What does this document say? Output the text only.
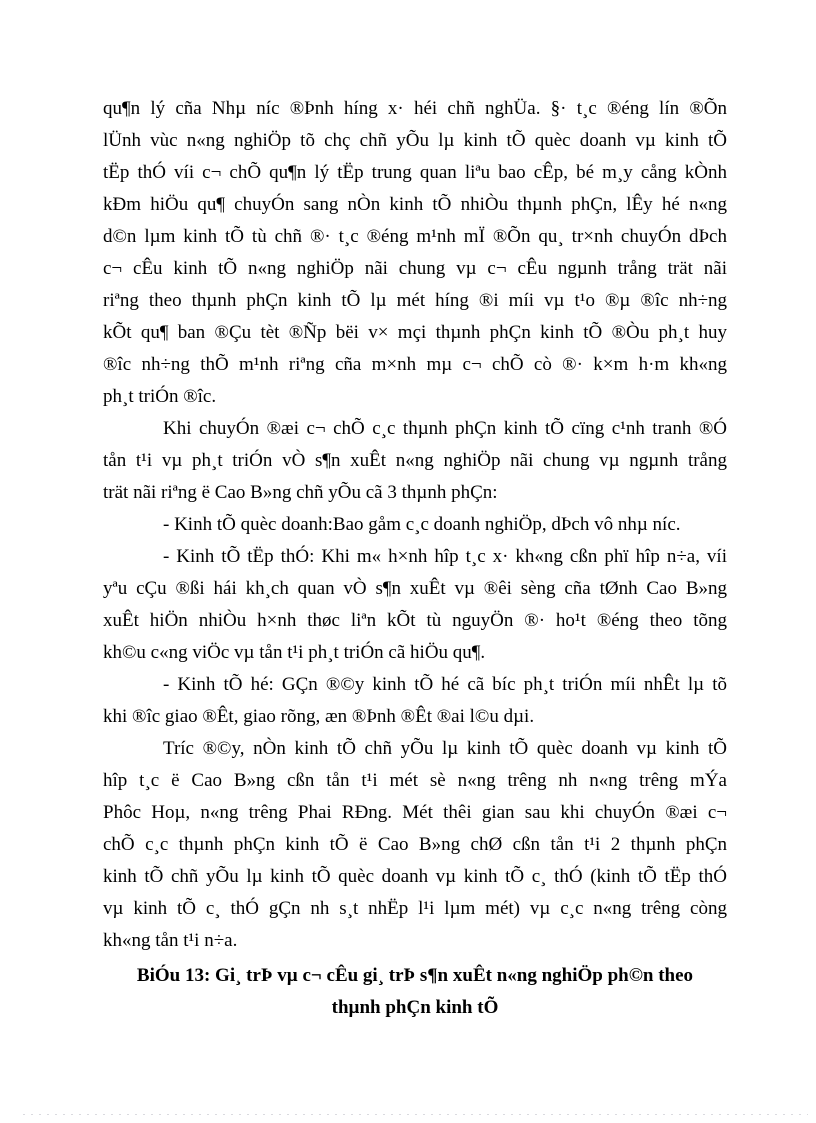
qu¶n lý cña Nhµ níc ®Þnh híng x· héi chñ nghÜa. §· t¸c ®éng lín ®Õn
lÜnh vùc n«ng nghiÖp tõ chç chñ yÕu lµ kinh tÕ quèc doanh vµ kinh tÕ
tËp thÓ víi c¬ chÕ qu¶n lý tËp trung quan liªu bao cÊp, bé m¸y cång kÒnh
kÐm hiÖu qu¶ chuyÓn sang nÒn kinh tÕ nhiÒu thµnh phÇn, lÊy hé n«ng
d©n lµm kinh tÕ tù chñ ®· t¸c ®éng m¹nh mÏ ®Õn qu¸ tr×nh chuyÓn dÞch
c¬ cÊu kinh tÕ n«ng nghiÖp nãi chung vµ c¬ cÊu ngµnh trång trät nãi
riªng theo thµnh phÇn kinh tÕ lµ mét híng ®i míi vµ t¹o ®µ ®îc nh÷ng
kÕt qu¶ ban ®Çu tèt ®Ñp bëi v× mçi thµnh phÇn kinh tÕ ®Òu ph¸t huy
®îc nh÷ng thÕ m¹nh riªng cña m×nh mµ c¬ chÕ cò ®· k×m h·m kh«ng
ph¸t triÓn ®îc.
Khi chuyÓn ®æi c¬ chÕ c¸c thµnh phÇn kinh tÕ cïng c¹nh tranh ®Ó
tån t¹i vµ ph¸t triÓn vÒ s¶n xuÊt n«ng nghiÖp nãi chung vµ ngµnh trång
trät nãi riªng ë Cao B»ng chñ yÕu cã 3 thµnh phÇn:
- Kinh tÕ quèc doanh:Bao gåm c¸c doanh nghiÖp, dÞch vô nhµ níc.
- Kinh tÕ tËp thÓ: Khi m« h×nh hîp t¸c x· kh«ng cßn phï hîp n÷a, víi
yªu cÇu ®ßi hái kh¸ch quan vÒ s¶n xuÊt vµ ®êi sèng cña tØnh Cao B»ng
xuÊt hiÖn nhiÒu h×nh thøc liªn kÕt tù nguyÖn ®· ho¹t ®éng theo tõng
kh©u c«ng viÖc vµ tån t¹i ph¸t triÓn cã hiÖu qu¶.
- Kinh tÕ hé: GÇn ®©y kinh tÕ hé cã bíc ph¸t triÓn míi nhÊt lµ tõ
khi ®îc giao ®Êt, giao rõng, æn ®Þnh ®Êt ®ai l©u dµi.
Tríc ®©y, nÒn kinh tÕ chñ yÕu lµ kinh tÕ quèc doanh vµ kinh tÕ
hîp t¸c ë Cao B»ng cßn tån t¹i mét sè n«ng trêng nh n«ng trêng mÝa
Phôc Hoµ, n«ng trêng Phai RÐng. Mét thêi gian sau khi chuyÓn ®æi c¬
chÕ c¸c thµnh phÇn kinh tÕ ë Cao B»ng chØ cßn tån t¹i 2 thµnh phÇn
kinh tÕ chñ yÕu lµ kinh tÕ quèc doanh vµ kinh tÕ c¸ thÓ (kinh tÕ tËp thÓ
vµ kinh tÕ c¸ thÓ gÇn nh s¸t nhËp l¹i lµm mét) vµ c¸c n«ng trêng còng
kh«ng tån t¹i n÷a.
BiÓu 13: Gi¸ trÞ vµ c¬ cÊu gi¸ trÞ s¶n xuÊt n«ng nghiÖp ph©n theo
thµnh phÇn kinh tÕ
